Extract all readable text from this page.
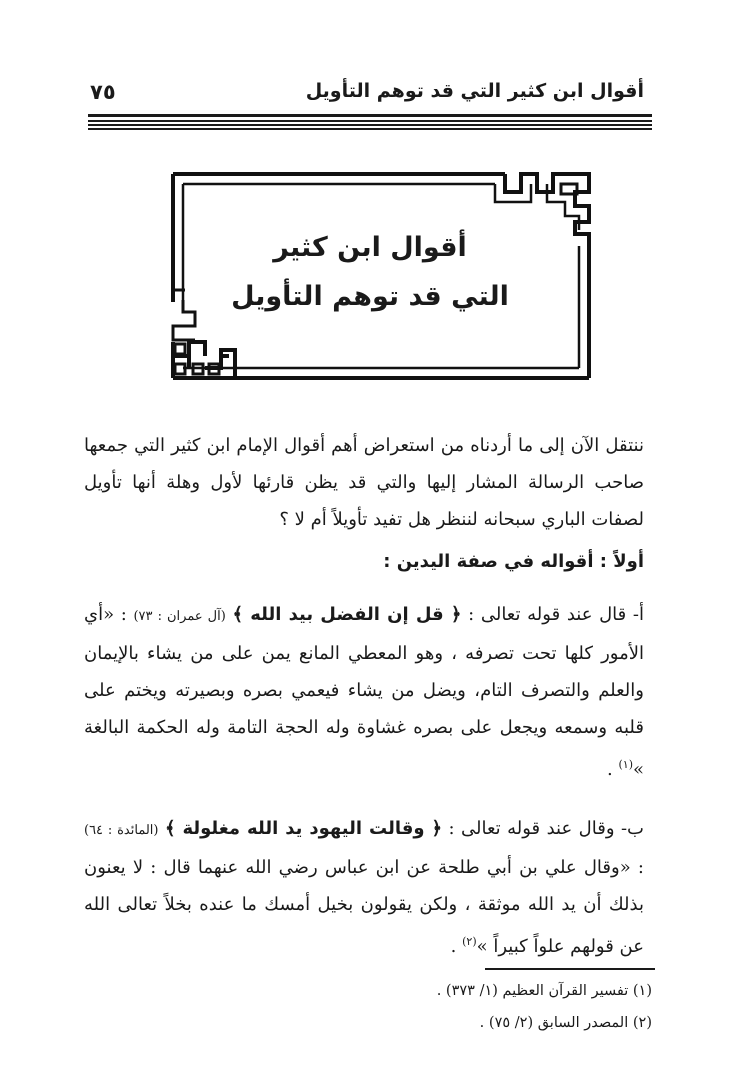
أقوال ابن كثير التي قد توهم التأويل
٧٥
أقوال ابن كثير
التي قد توهم التأويل
ننتقل الآن إلى ما أردناه من استعراض أهم أقوال الإمام ابن كثير التي جمعها صاحب الرسالة المشار إليها والتي قد يظن قارئها لأول وهلة أنها تأويل لصفات الباري سبحانه لننظر هل تفيد تأويلاً أم لا ؟
أولاً : أقواله في صفة اليدين :
أ- قال عند قوله تعالى : ﴿ قل إن الفضل بيد الله ﴾ (آل عمران : ٧٣) : «أي الأمور كلها تحت تصرفه ، وهو المعطي المانع يمن على من يشاء بالإيمان والعلم والتصرف التام، ويضل من يشاء فيعمي بصره وبصيرته ويختم على قلبه وسمعه ويجعل على بصره غشاوة وله الحجة التامة وله الحكمة البالغة »$^{(١)}$ .
ب- وقال عند قوله تعالى : ﴿ وقالت اليهود يد الله مغلولة ﴾ (المائدة : ٦٤) : «وقال علي بن أبي طلحة عن ابن عباس رضي الله عنهما قال : لا يعنون بذلك أن يد الله موثقة ، ولكن يقولون بخيل أمسك ما عنده بخلاً تعالى الله عن قولهم علواً كبيراً »$^{(٢)}$ .
(١) تفسير القرآن العظيم (١/ ٣٧٣) .
(٢) المصدر السابق (٢/ ٧٥) .
